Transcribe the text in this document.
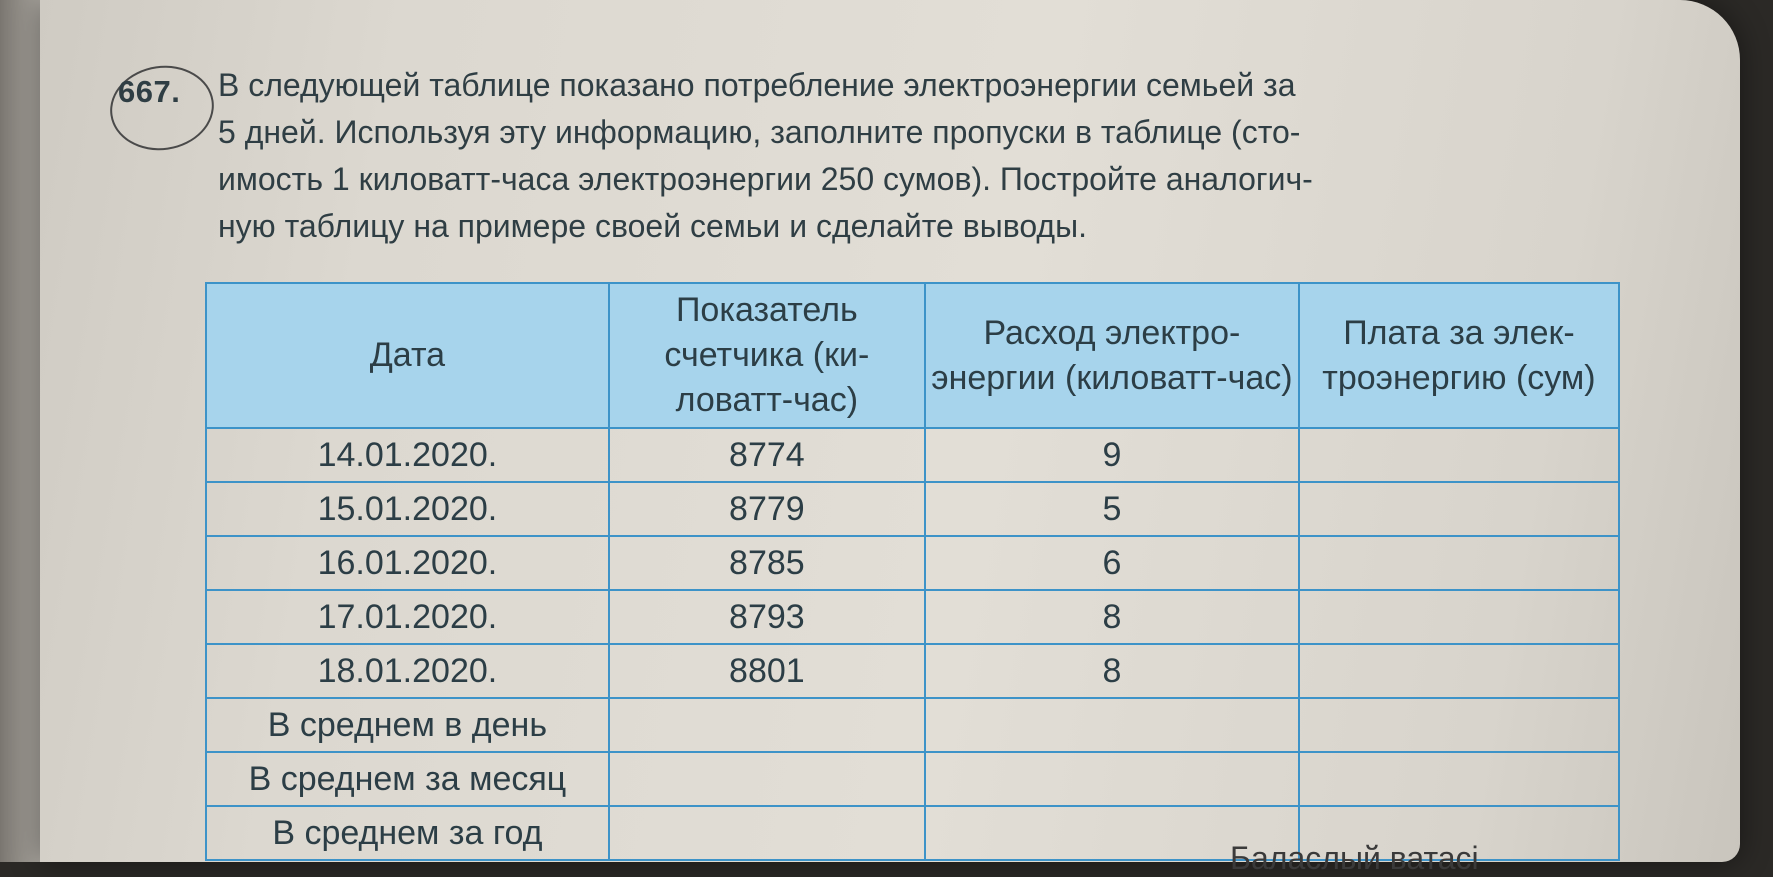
667. В следующей таблице показано потребление электроэнергии семьей за
5 дней. Используя эту информацию, заполните пропуски в таблице (сто-
имость 1 киловатт-часа электроэнергии 250 сумов). Постройте аналогич-
ную таблицу на примере своей семьи и сделайте выводы.

Дата	Показатель счетчика (ки-ловатт-час)	Расход электро-энергии (киловатт-час)	Плата за элек-троэнергию (сум)
14.01.2020.	8774	9	
15.01.2020.	8779	5	
16.01.2020.	8785	6	
17.01.2020.	8793	8	
18.01.2020.	8801	8	
В среднем в день			
В среднем за месяц			
В среднем за год			
Баласлый ватасі
